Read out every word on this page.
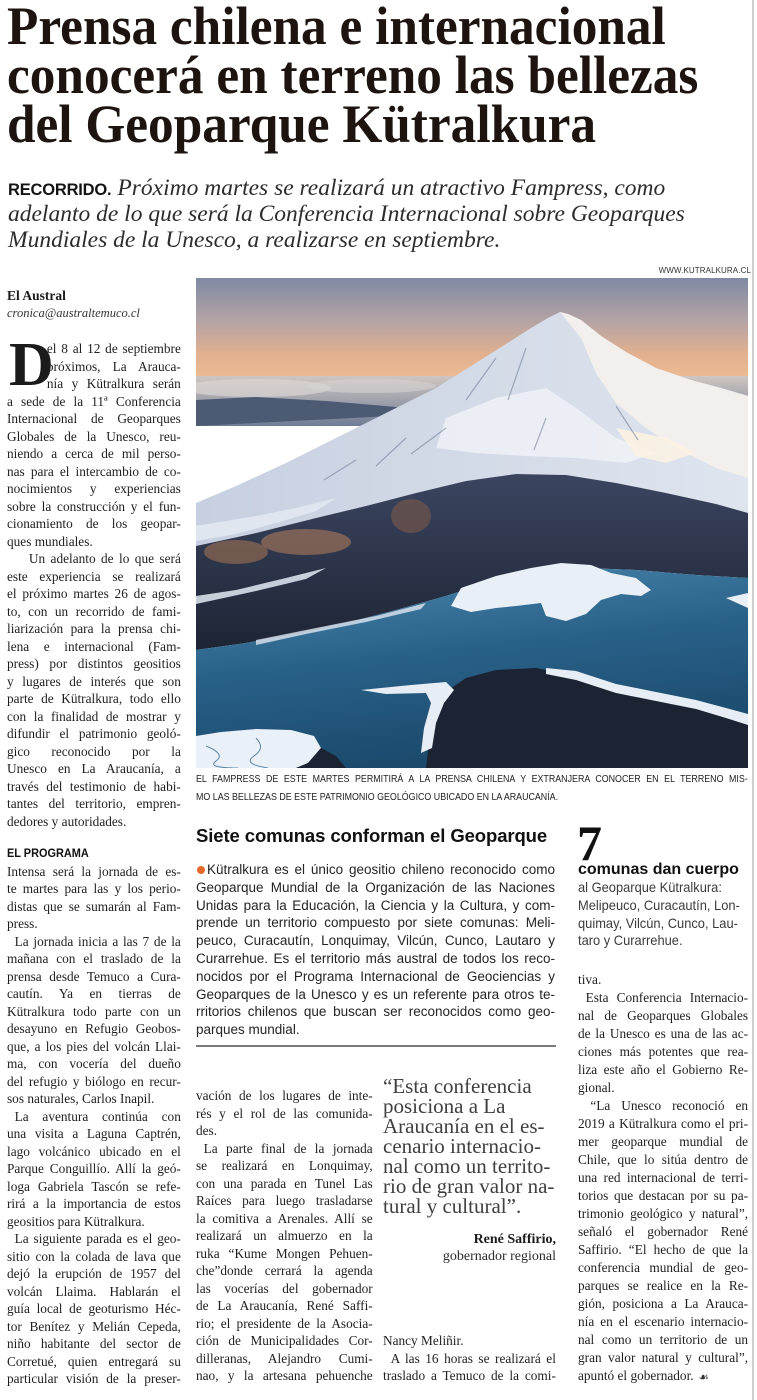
Prensa chilena e internacional
conocerá en terreno las bellezas
del Geoparque Kütralkura
RECORRIDO. Próximo martes se realizará un atractivo Fampress, como
adelanto de lo que será la Conferencia Internacional sobre Geoparques
Mundiales de la Unesco, a realizarse en septiembre.
El Austral
cronica@australtemuco.cl
WWW.KUTRALKURA.CL
EL FAMPRESS DE ESTE MARTES PERMITIRÁ A LA PRENSA CHILENA Y EXTRANJERA CONOCER EN EL TERRENO MIS-
MO LAS BELLEZAS DE ESTE PATRIMONIO GEOLÓGICO UBICADO EN LA ARAUCANÍA.
D
el 8 al 12 de septiembre
próximos, La Arauca-
nía y Kütralkura serán
a sede de la 11ª Conferencia
Internacional de Geoparques
Globales de la Unesco, reu-
niendo a cerca de mil perso-
nas para el intercambio de co-
nocimientos y experiencias
sobre la construcción y el fun-
cionamiento de los geopar-
ques mundiales.
Un adelanto de lo que será
este experiencia se realizará
el próximo martes 26 de agos-
to, con un recorrido de fami-
liarización para la prensa chi-
lena e internacional (Fam-
press) por distintos geositios
y lugares de interés que son
parte de Kütralkura, todo ello
con la finalidad de mostrar y
difundir el patrimonio geoló-
gico reconocido por la
Unesco en La Araucanía, a
través del testimonio de habi-
tantes del territorio, empren-
dedores y autoridades.
EL PROGRAMA
Intensa será la jornada de es-
te martes para las y los perio-
distas que se sumarán al Fam-
press.
La jornada inicia a las 7 de la
mañana con el traslado de la
prensa desde Temuco a Cura-
cautín. Ya en tierras de
Kütralkura todo parte con un
desayuno en Refugio Geobos-
que, a los pies del volcán Llai-
ma, con vocería del dueño
del refugio y biólogo en recur-
sos naturales, Carlos Inapil.
La aventura continúa con
una visita a Laguna Captrén,
lago volcánico ubicado en el
Parque Conguillío. Allí la geó-
loga Gabriela Tascón se refe-
rirá a la importancia de estos
geositios para Kütralkura.
La siguiente parada es el geo-
sitio con la colada de lava que
dejó la erupción de 1957 del
volcán Llaima. Hablarán el
guía local de geoturismo Héc-
tor Benítez y Melián Cepeda,
niño habitante del sector de
Corretué, quien entregará su
particular visión de la preser-
Siete comunas conforman el Geoparque
Kütralkura es el único geositio chileno reconocido como
Geoparque Mundial de la Organización de las Naciones
Unidas para la Educación, la Ciencia y la Cultura, y com-
prende un territorio compuesto por siete comunas: Meli-
peuco, Curacautín, Lonquimay, Vilcún, Cunco, Lautaro y
Curarrehue. Es el territorio más austral de todos los reco-
nocidos por el Programa Internacional de Geociencias y
Geoparques de la Unesco y es un referente para otros te-
rritorios chilenos que buscan ser reconocidos como geo-
parques mundial.
7
comunas dan cuerpo
al Geoparque Kütralkura:
Melipeuco, Curacautín, Lon-
quimay, Vilcún, Cunco, Lau-
taro y Curarrehue.
vación de los lugares de inte-
rés y el rol de las comunida-
des.
La parte final de la jornada
se realizará en Lonquimay,
con una parada en Tunel Las
Raíces para luego trasladarse
la comitiva a Arenales. Allí se
realizará un almuerzo en la
ruka “Kume Mongen Pehuen-
che”donde cerrará la agenda
las vocerías del gobernador
de La Araucanía, René Saffi-
rio; el presidente de la Asocia-
ción de Municipalidades Cor-
dilleranas, Alejandro Cumi-
nao, y la artesana pehuenche
“Esta conferencia
posiciona a La
Araucanía en el es-
cenario internacio-
nal como un territo-
rio de gran valor na-
tural y cultural”.
René Saffirio,
gobernador regional
Nancy Meliñir.
A las 16 horas se realizará el
traslado a Temuco de la comi-
tiva.
Esta Conferencia Internacio-
nal de Geoparques Globales
de la Unesco es una de las ac-
ciones más potentes que rea-
liza este año el Gobierno Re-
gional.
“La Unesco reconoció en
2019 a Kütralkura como el pri-
mer geoparque mundial de
Chile, que lo sitúa dentro de
una red internacional de terri-
torios que destacan por su pa-
trimonio geológico y natural”,
señaló el gobernador René
Saffirio. “El hecho de que la
conferencia mundial de geo-
parques se realice en la Re-
gión, posiciona a La Arauca-
nía en el escenario internacio-
nal como un territorio de un
gran valor natural y cultural”,
apuntó el gobernador. ☙
